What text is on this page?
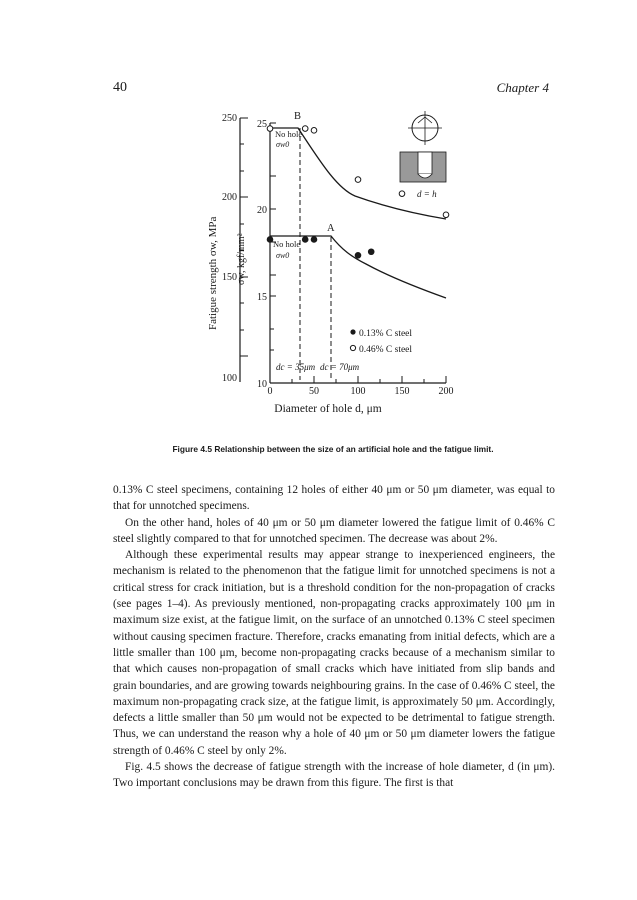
40	Chapter 4
250
200
150
100
Fatigue strength σw, MPa
25
20
15
10
σw, kgf/mm²
0	50	100	150	200
Diameter of hole d, μm
B
A
No hole
σw0
No hole
σw0
dc = 35μm dc = 70μm
0.13% C steel
0.46% C steel
d = h
Figure 4.5 Relationship between the size of an artificial hole and the fatigue limit.

0.13% C steel specimens, containing 12 holes of either 40 μm or 50 μm diameter, was equal to that for unnotched specimens.

On the other hand, holes of 40 μm or 50 μm diameter lowered the fatigue limit of 0.46% C steel slightly compared to that for unnotched specimen. The decrease was about 2%.

Although these experimental results may appear strange to inexperienced engineers, the mechanism is related to the phenomenon that the fatigue limit for unnotched specimens is not a critical stress for crack initiation, but is a threshold condition for the non-propagation of cracks (see pages 1–4). As previously mentioned, non-propagating cracks approximately 100 μm in maximum size exist, at the fatigue limit, on the surface of an unnotched 0.13% C steel specimen without causing specimen fracture. Therefore, cracks emanating from initial defects, which are a little smaller than 100 μm, become non-propagating cracks because of a mechanism similar to that which causes non-propagation of small cracks which have initiated from slip bands and grain boundaries, and are growing towards neighbouring grains. In the case of 0.46% C steel, the maximum non-propagating crack size, at the fatigue limit, is approximately 50 μm. Accordingly, defects a little smaller than 50 μm would not be expected to be detrimental to fatigue strength. Thus, we can understand the reason why a hole of 40 μm or 50 μm diameter lowers the fatigue strength of 0.46% C steel by only 2%.

Fig. 4.5 shows the decrease of fatigue strength with the increase of hole diameter, d (in μm). Two important conclusions may be drawn from this figure. The first is that
